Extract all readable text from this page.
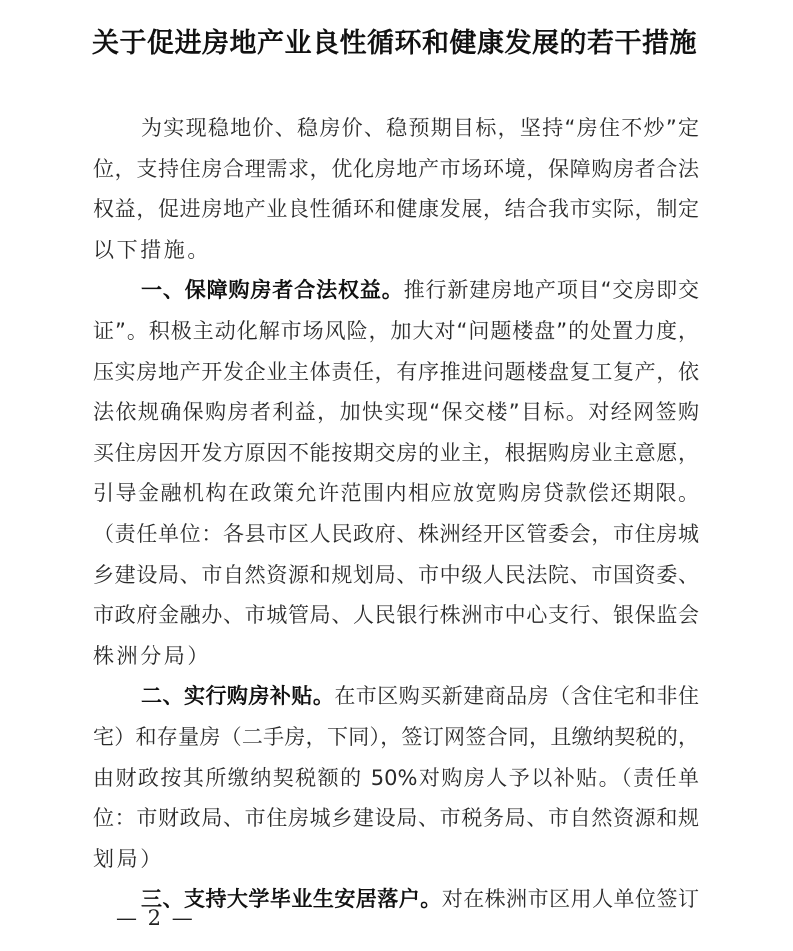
关于促进房地产业良性循环和健康发展的若干措施
为实现稳地价、稳房价、稳预期目标，坚持“房住不炒”定
位，支持住房合理需求，优化房地产市场环境，保障购房者合法
权益，促进房地产业良性循环和健康发展，结合我市实际，制定
以下措施。
一、保障购房者合法权益。推行新建房地产项目“交房即交
证”。积极主动化解市场风险，加大对“问题楼盘”的处置力度，
压实房地产开发企业主体责任，有序推进问题楼盘复工复产，依
法依规确保购房者利益，加快实现“保交楼”目标。对经网签购
买住房因开发方原因不能按期交房的业主，根据购房业主意愿，
引导金融机构在政策允许范围内相应放宽购房贷款偿还期限。
（责任单位：各县市区人民政府、株洲经开区管委会，市住房城
乡建设局、市自然资源和规划局、市中级人民法院、市国资委、
市政府金融办、市城管局、人民银行株洲市中心支行、银保监会
株洲分局）
二、实行购房补贴。在市区购买新建商品房（含住宅和非住
宅）和存量房（二手房，下同），签订网签合同，且缴纳契税的，
由财政按其所缴纳契税额的 50%对购房人予以补贴。（责任单
位：市财政局、市住房城乡建设局、市税务局、市自然资源和规
划局）
三、支持大学毕业生安居落户。对在株洲市区用人单位签订
— 2 —
